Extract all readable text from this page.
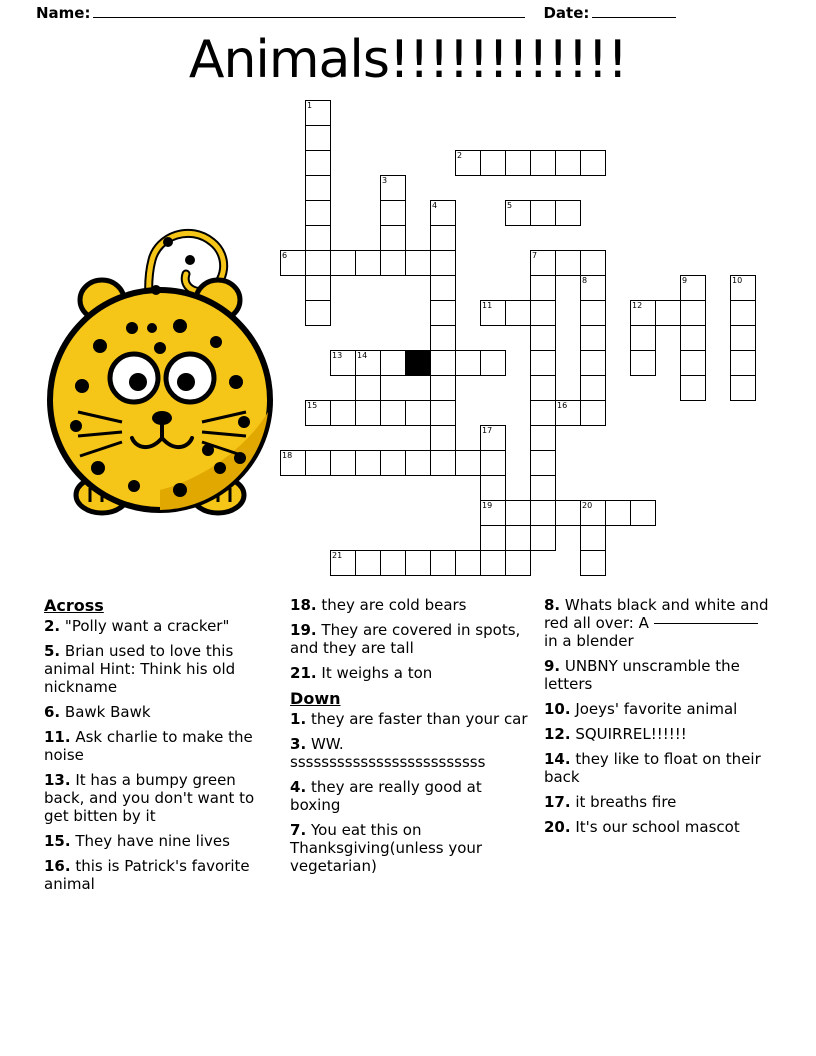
Name:	Date:
Animals!!!!!!!!!!!!
1
2
3
4	5
6	7
8	9	10
11	12
13 14
15	16
17
19
18
20
21
Across
2. "Polly want a cracker"
5. Brian used to love this animal Hint: Think his old nickname
6. Bawk Bawk
11. Ask charlie to make the noise
13. It has a bumpy green back, and you don't want to get bitten by it
15. They have nine lives
16. this is Patrick's favorite animal
18. they are cold bears
19. They are covered in spots, and they are tall
21. It weighs a ton
Down
1. they are faster than your car
3. WW. sssssssssssssssssssssssss
4. they are really good at boxing
7. You eat this on Thanksgiving(unless your vegetarian)
8. Whats black and white and red all over: A  in a blender
9. UNBNY unscramble the letters
10. Joeys' favorite animal
12. SQUIRREL!!!!!!
14. they like to float on their back
17. it breaths fire
20. It's our school mascot
